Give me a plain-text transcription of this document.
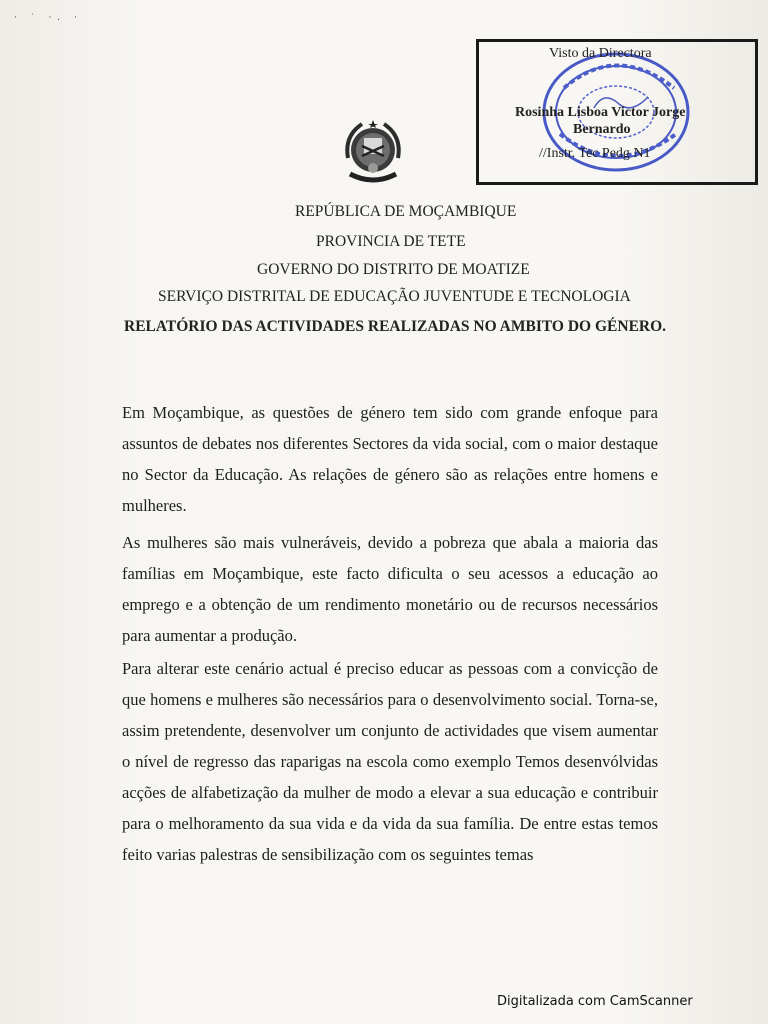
· ˙ ·. ·
Visto da Directora
Rosinha Lisboa Victor Jorge
Bernardo
//Instr. Tec Pedg N1
REPÚBLICA DE MOÇAMBIQUE
PROVINCIA DE TETE
GOVERNO DO DISTRITO DE MOATIZE
SERVIÇO DISTRITAL DE EDUCAÇÃO JUVENTUDE E TECNOLOGIA
RELATÓRIO DAS ACTIVIDADES REALIZADAS NO AMBITO DO GÉNERO.

Em Moçambique, as questões de género tem sido com grande enfoque para assuntos de debates nos diferentes Sectores da vida social, com o maior destaque no Sector da Educação. As relações de género são as relações entre homens e mulheres.

As mulheres são mais vulneráveis, devido a pobreza que abala a maioria das famílias em Moçambique, este facto dificulta o seu acessos a educação ao emprego e a obtenção de um rendimento monetário ou de recursos necessários para aumentar a produção.

Para alterar este cenário actual é preciso educar as pessoas com a convicção de que homens e mulheres são necessários para o desenvolvimento social. Torna-se, assim pretendente, desenvolver um conjunto de actividades que visem aumentar o nível de regresso das raparigas na escola como exemplo Temos desenvólvidas acções de alfabetização da mulher de modo a elevar a sua educação e contribuir para o melhoramento da sua vida e da vida da sua família. De entre estas temos feito varias palestras de sensibilização com os seguintes temas

Digitalizada com CamScanner
